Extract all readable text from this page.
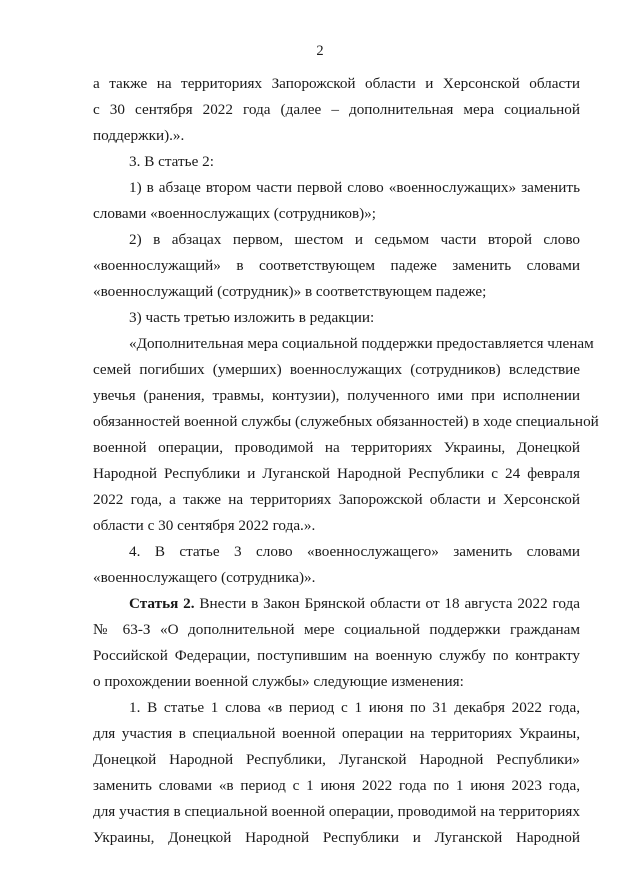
2
а также на территориях Запорожской области и Херсонской области
с 30 сентября 2022 года (далее – дополнительная мера социальной
поддержки).».
3. В статье 2:
1) в абзаце втором части первой слово «военнослужащих» заменить
словами «военнослужащих (сотрудников)»;
2) в абзацах первом, шестом и седьмом части второй слово
«военнослужащий» в соответствующем падеже заменить словами
«военнослужащий (сотрудник)» в соответствующем падеже;
3) часть третью изложить в редакции:
«Дополнительная мера социальной поддержки предоставляется членам
семей погибших (умерших) военнослужащих (сотрудников) вследствие
увечья (ранения, травмы, контузии), полученного ими при исполнении
обязанностей военной службы (служебных обязанностей) в ходе специальной
военной операции, проводимой на территориях Украины, Донецкой
Народной Республики и Луганской Народной Республики с 24 февраля
2022 года, а также на территориях Запорожской области и Херсонской
области с 30 сентября 2022 года.».
4. В статье 3 слово «военнослужащего» заменить словами
«военнослужащего (сотрудника)».
Статья 2. Внести в Закон Брянской области от 18 августа 2022 года
№ 63-З «О дополнительной мере социальной поддержки гражданам
Российской Федерации, поступившим на военную службу по контракту
о прохождении военной службы» следующие изменения:
1. В статье 1 слова «в период с 1 июня по 31 декабря 2022 года,
для участия в специальной военной операции на территориях Украины,
Донецкой Народной Республики, Луганской Народной Республики»
заменить словами «в период с 1 июня 2022 года по 1 июня 2023 года,
для участия в специальной военной операции, проводимой на территориях
Украины, Донецкой Народной Республики и Луганской Народной
